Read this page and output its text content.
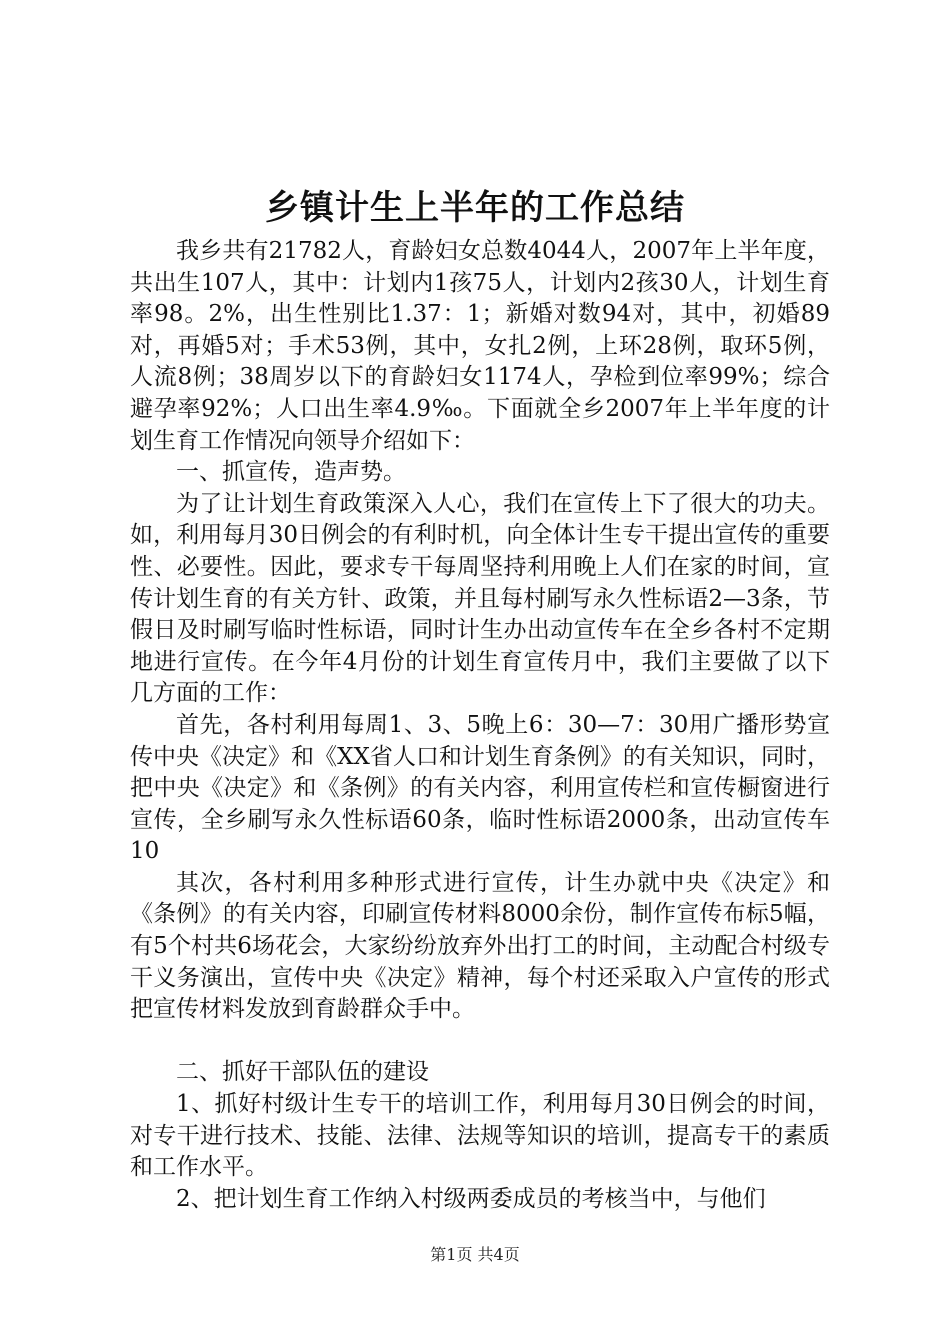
乡镇计生上半年的工作总结

我乡共有21782人，育龄妇女总数4044人，2007年上半年度，共出生107人，其中：计划内1孩75人，计划内2孩30人，计划生育率98。2%，出生性别比1.37：1；新婚对数94对，其中，初婚89对，再婚5对；手术53例，其中，女扎2例，上环28例，取环5例，人流8例；38周岁以下的育龄妇女1174人，孕检到位率99%；综合避孕率92%；人口出生率4.9‰。下面就全乡2007年上半年度的计划生育工作情况向领导介绍如下：

一、抓宣传，造声势。

为了让计划生育政策深入人心，我们在宣传上下了很大的功夫。如，利用每月30日例会的有利时机，向全体计生专干提出宣传的重要性、必要性。因此，要求专干每周坚持利用晚上人们在家的时间，宣传计划生育的有关方针、政策，并且每村刷写永久性标语2—3条，节假日及时刷写临时性标语，同时计生办出动宣传车在全乡各村不定期地进行宣传。在今年4月份的计划生育宣传月中，我们主要做了以下几方面的工作：

首先，各村利用每周1、3、5晚上6：30—7：30用广播形势宣传中央《决定》和《XX省人口和计划生育条例》的有关知识，同时，把中央《决定》和《条例》的有关内容，利用宣传栏和宣传橱窗进行宣传，全乡刷写永久性标语60条，临时性标语2000条，出动宣传车10

其次，各村利用多种形式进行宣传，计生办就中央《决定》和《条例》的有关内容，印刷宣传材料8000余份，制作宣传布标5幅，有5个村共6场花会，大家纷纷放弃外出打工的时间，主动配合村级专干义务演出，宣传中央《决定》精神，每个村还采取入户宣传的形式把宣传材料发放到育龄群众手中。

二、抓好干部队伍的建设

1、抓好村级计生专干的培训工作，利用每月30日例会的时间，对专干进行技术、技能、法律、法规等知识的培训，提高专干的素质和工作水平。

2、把计划生育工作纳入村级两委成员的考核当中，与他们

第1页 共4页
